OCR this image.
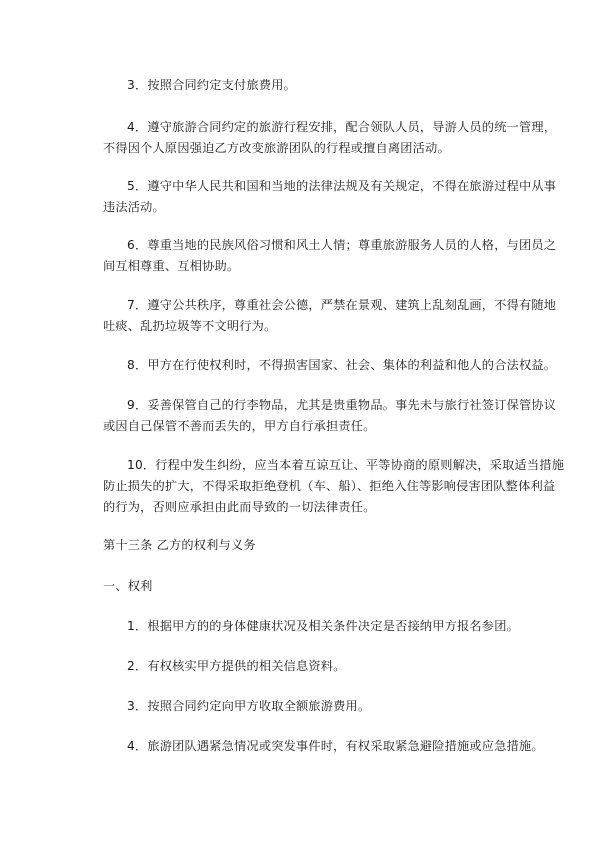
3．按照合同约定支付旅费用。

4．遵守旅游合同约定的旅游行程安排，配合领队人员，导游人员的统一管理，
不得因个人原因强迫乙方改变旅游团队的行程或擅自离团活动。

5．遵守中华人民共和国和当地的法律法规及有关规定，不得在旅游过程中从事
违法活动。

6．尊重当地的民族风俗习惯和风土人情；尊重旅游服务人员的人格，与团员之
间互相尊重、互相协助。

7．遵守公共秩序，尊重社会公德，严禁在景观、建筑上乱刻乱画，不得有随地
吐痰、乱扔垃圾等不文明行为。

8．甲方在行使权利时，不得损害国家、社会、集体的利益和他人的合法权益。

9．妥善保管自己的行李物品，尤其是贵重物品。事先未与旅行社签订保管协议
或因自己保管不善而丢失的，甲方自行承担责任。

10．行程中发生纠纷，应当本着互谅互让、平等协商的原则解决，采取适当措施
防止损失的扩大，不得采取拒绝登机（车、船）、拒绝入住等影响侵害团队整体利益
的行为，否则应承担由此而导致的一切法律责任。

第十三条 乙方的权利与义务

一、权利

1．根据甲方的的身体健康状况及相关条件决定是否接纳甲方报名参团。

2．有权核实甲方提供的相关信息资料。

3．按照合同约定向甲方收取全额旅游费用。

4．旅游团队遇紧急情况或突发事件时，有权采取紧急避险措施或应急措施。
